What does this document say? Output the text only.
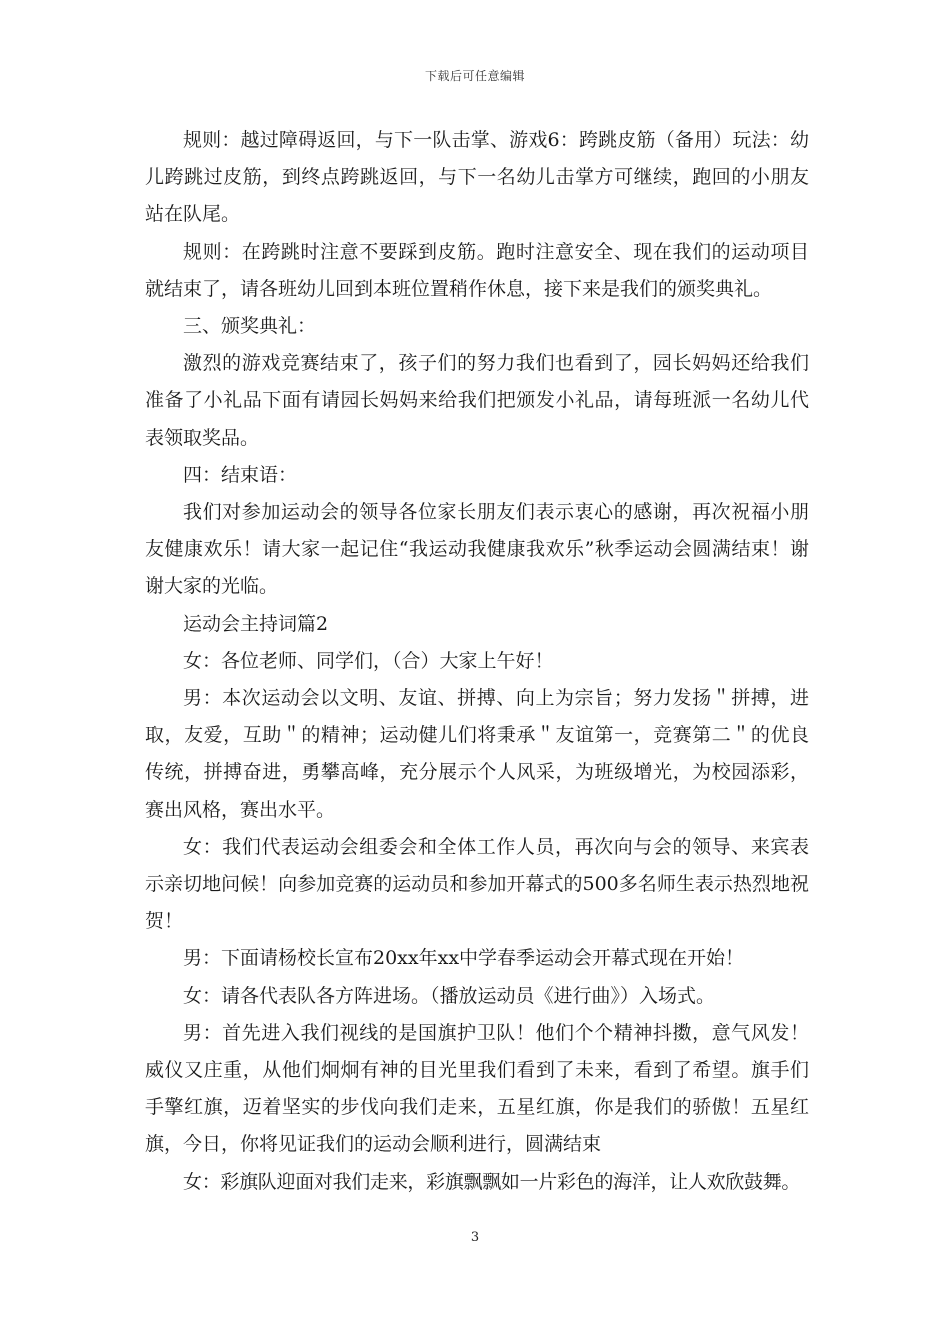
下载后可任意编辑

规则：越过障碍返回，与下一队击掌、游戏6：跨跳皮筋（备用）玩法：幼儿跨跳过皮筋，到终点跨跳返回，与下一名幼儿击掌方可继续，跑回的小朋友站在队尾。

规则：在跨跳时注意不要踩到皮筋。跑时注意安全、现在我们的运动项目就结束了，请各班幼儿回到本班位置稍作休息，接下来是我们的颁奖典礼。

三、颁奖典礼：

激烈的游戏竞赛结束了，孩子们的努力我们也看到了，园长妈妈还给我们准备了小礼品下面有请园长妈妈来给我们把颁发小礼品，请每班派一名幼儿代表领取奖品。

四：结束语：

我们对参加运动会的领导各位家长朋友们表示衷心的感谢，再次祝福小朋友健康欢乐！请大家一起记住“我运动我健康我欢乐”秋季运动会圆满结束！谢谢大家的光临。

运动会主持词篇2

女：各位老师、同学们，（合）大家上午好！

男：本次运动会以文明、友谊、拼搏、向上为宗旨；努力发扬＂拼搏，进取，友爱，互助＂的精神；运动健儿们将秉承＂友谊第一，竞赛第二＂的优良传统，拼搏奋进，勇攀高峰，充分展示个人风采，为班级增光，为校园添彩，赛出风格，赛出水平。

女：我们代表运动会组委会和全体工作人员，再次向与会的领导、来宾表示亲切地问候！向参加竞赛的运动员和参加开幕式的500多名师生表示热烈地祝贺！

男：下面请杨校长宣布20xx年xx中学春季运动会开幕式现在开始！

女：请各代表队各方阵进场。（播放运动员《进行曲》）入场式。

男：首先进入我们视线的是国旗护卫队！他们个个精神抖擞，意气风发！威仪又庄重，从他们炯炯有神的目光里我们看到了未来，看到了希望。旗手们手擎红旗，迈着坚实的步伐向我们走来，五星红旗，你是我们的骄傲！五星红旗，今日，你将见证我们的运动会顺利进行，圆满结束

女：彩旗队迎面对我们走来，彩旗飘飘如一片彩色的海洋，让人欢欣鼓舞。

3
